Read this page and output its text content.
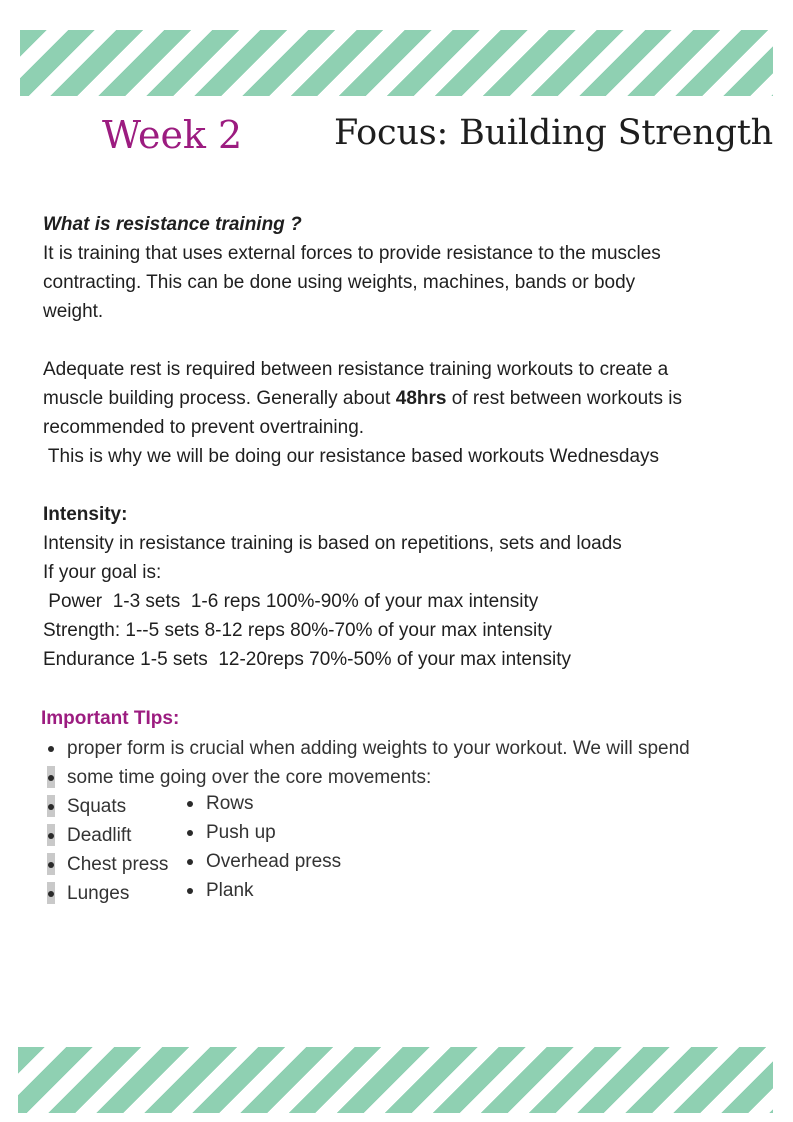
Week 2	Focus: Building Strength
What is resistance training ?
It is training that uses external forces to provide resistance to the muscles
contracting. This can be done using weights, machines, bands or body
weight.
Adequate rest is required between resistance training workouts to create a
muscle building process. Generally about 48hrs of rest between workouts is
recommended to prevent overtraining.
This is why we will be doing our resistance based workouts Wednesdays
Intensity:
Intensity in resistance training is based on repetitions, sets and loads
If your goal is:
Power  1-3 sets  1-6 reps 100%-90% of your max intensity
Strength: 1--5 sets 8-12 reps 80%-70% of your max intensity
Endurance 1-5 sets  12-20reps 70%-50% of your max intensity
Important TIps:
proper form is crucial when adding weights to your workout. We will spend
some time going over the core movements:
Squats
Deadlift
Chest press
Lunges
Rows
Push up
Overhead press
Plank
